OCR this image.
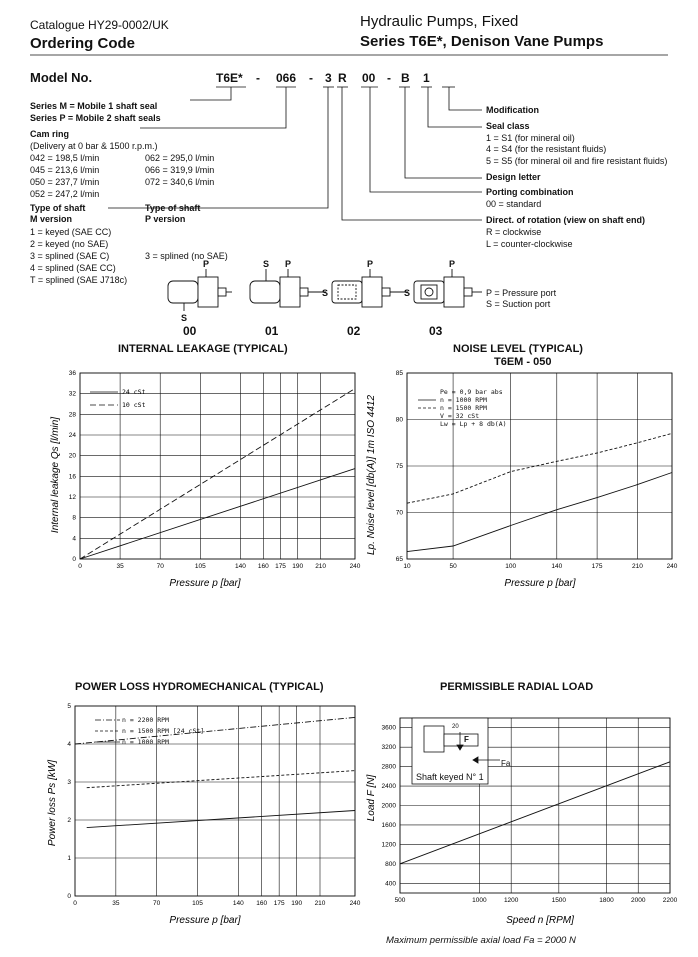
Catalogue HY29-0002/UK
Ordering Code
Hydraulic Pumps, Fixed
Series T6E*, Denison Vane Pumps
Model No.	T6E* - 066 - 3 R 00 - B 1
Series M = Mobile 1 shaft seal
Series P = Mobile 2 shaft seals
Cam ring
(Delivery at 0 bar & 1500 r.p.m.)
042 = 198,5 l/min
045 = 213,6 l/min
050 = 237,7 l/min
052 = 247,2 l/min
062 = 295,0 l/min
066 = 319,9 l/min
072 = 340,6 l/min
Type of shaft
M version
Type of shaft
P version
1 = keyed (SAE CC)
2 = keyed (no SAE)
3 = splined (SAE C)
4 = splined (SAE CC)
T = splined (SAE J718c)
3 = splined (no SAE)
Modification
Seal class
1 = S1 (for mineral oil)
4 = S4 (for the resistant fluids)
5 = S5 (for mineral oil and fire resistant fluids)
Design letter
Porting combination
00 = standard
Direct. of rotation (view on shaft end)
R = clockwise
L = counter-clockwise
P
S
P
S	P
S
P
S
00	01	02	03
P = Pressure port
S = Suction port
INTERNAL LEAKAGE (TYPICAL)	NOISE LEVEL (TYPICAL)
T6EM - 050
POWER LOSS HYDROMECHANICAL (TYPICAL)	PERMISSIBLE RADIAL LOAD
0	35	70	105	140 160 175 190 210	240
0
4
8
12
16
20
24
28
32
36
24 cSt
10 cSt
Pressure p [bar]
Internal leakage Qs [l/min]
10	50	100	140	175	210	240
65
70
75
80
85
Pe = 0,9 bar abs
n = 1000 RPM
n = 1500 RPM
V = 32 cSt
Lw = Lp + 8 db(A)
Pressure p [bar]
Lp. Noise level [db(A)] 1m ISO 4412
0	35	70	105	140 160 175 190 210	240
0
1
2
3
4
5
n = 2200 RPM
n = 1500 RPM [24 cSt]
n = 1000 RPM
Pressure p [bar]
Power loss Ps [kW]
500	1000	1200	1500	1800	2000	2200
400
800
1200
1600
2000
2400
2800
3200
3600
F
Fa
20
Shaft keyed N° 1
Speed n [RPM]
Load F [N]
Maximum permissible axial load Fa = 2000 N
